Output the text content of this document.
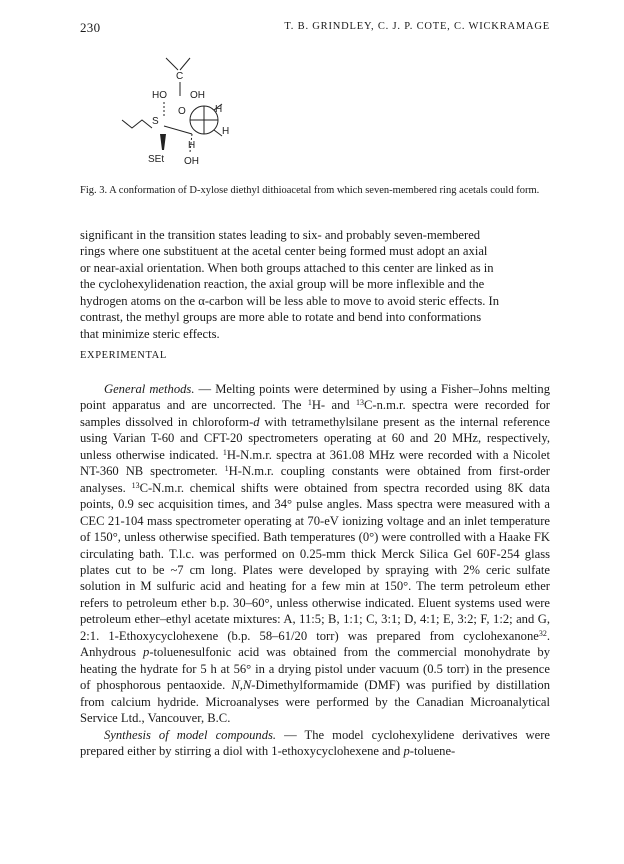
230	T. B. GRINDLEY, C. J. P. COTE, C. WICKRAMAGE
C
HO OH
O	H
H
S
SEt
H
OH
Fig. 3. A conformation of D-xylose diethyl dithioacetal from which seven-membered ring acetals could form.
significant in the transition states leading to six- and probably seven-membered
rings where one substituent at the acetal center being formed must adopt an axial
or near-axial orientation. When both groups attached to this center are linked as in
the cyclohexylidenation reaction, the axial group will be more inflexible and the
hydrogen atoms on the α-carbon will be less able to move to avoid steric effects. In
contrast, the methyl groups are more able to rotate and bend into conformations
that minimize steric effects.
EXPERIMENTAL

General methods. — Melting points were determined by using a Fisher–Johns melting point apparatus and are uncorrected. The $^1$H- and $^{13}$C-n.m.r. spectra were recorded for samples dissolved in chloroform-d with tetramethylsilane present as the internal reference using Varian T-60 and CFT-20 spectrometers operating at 60 and 20 MHz, respectively, unless otherwise indicated. $^1$H-N.m.r. spectra at 361.08 MHz were recorded with a Nicolet NT-360 NB spectrometer. $^1$H-N.m.r. coupling constants were obtained from first-order analyses. $^{13}$C-N.m.r. chemical shifts were obtained from spectra recorded using 8K data points, 0.9 sec acquisition times, and 34° pulse angles. Mass spectra were measured with a CEC 21-104 mass spectrometer operating at 70-eV ionizing voltage and an inlet temperature of 150°, unless otherwise specified. Bath temperatures (0°) were controlled with a Haake FK circulating bath. T.l.c. was performed on 0.25-mm thick Merck Silica Gel 60F-254 glass plates cut to be ~7 cm long. Plates were developed by spraying with 2% ceric sulfate solution in M sulfuric acid and heating for a few min at 150°. The term petroleum ether refers to petroleum ether b.p. 30–60°, unless otherwise indicated. Eluent systems used were petroleum ether–ethyl acetate mixtures: A, 11:5; B, 1:1; C, 3:1; D, 4:1; E, 3:2; F, 1:2; and G, 2:1. 1-Ethoxycyclohexene (b.p. 58–61/20 torr) was prepared from cyclohexanone$^{32}$. Anhydrous p-toluenesulfonic acid was obtained from the commercial monohydrate by heating the hydrate for 5 h at 56° in a drying pistol under vacuum (0.5 torr) in the presence of phosphorous pentaoxide. N,N-Dimethylformamide (DMF) was purified by distillation from calcium hydride. Microanalyses were performed by the Canadian Microanalytical Service Ltd., Vancouver, B.C.

Synthesis of model compounds. — The model cyclohexylidene derivatives were prepared either by stirring a diol with 1-ethoxycyclohexene and p-toluene-
